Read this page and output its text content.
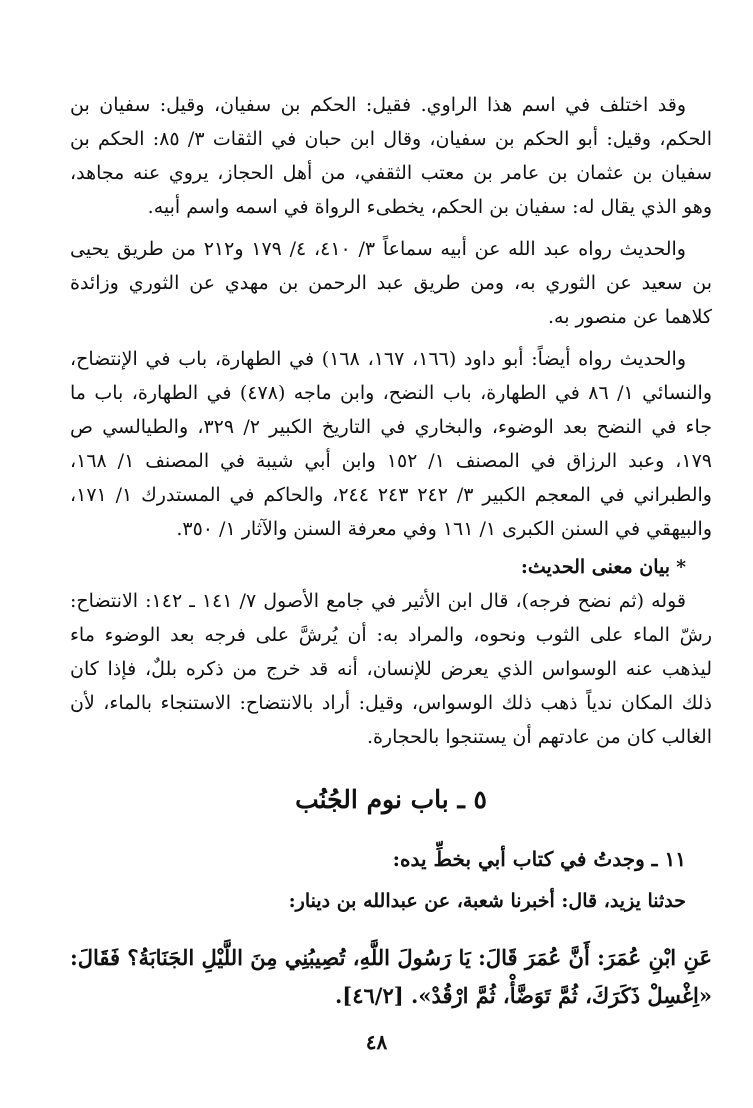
وقد اختلف في اسم هذا الراوي. فقيل: الحكم بن سفيان، وقيل: سفيان بن الحكم، وقيل: أبو الحكم بن سفيان، وقال ابن حبان في الثقات ٣/ ٨٥: الحكم بن سفيان بن عثمان بن عامر بن معتب الثقفي، من أهل الحجاز، يروي عنه مجاهد، وهو الذي يقال له: سفيان بن الحكم، يخطىء الرواة في اسمه واسم أبيه.

والحديث رواه عبد الله عن أبيه سماعاً ٣/ ٤١٠، ٤/ ١٧٩ و٢١٢ من طريق يحيى بن سعيد عن الثوري به، ومن طريق عبد الرحمن بن مهدي عن الثوري وزائدة كلاهما عن منصور به.

والحديث رواه أيضاً: أبو داود (١٦٦، ١٦٧، ١٦٨) في الطهارة، باب في الإنتضاح، والنسائي ١/ ٨٦ في الطهارة، باب النضح، وابن ماجه (٤٧٨) في الطهارة، باب ما جاء في النضح بعد الوضوء، والبخاري في التاريخ الكبير ٢/ ٣٢٩، والطيالسي ص ١٧٩، وعبد الرزاق في المصنف ١/ ١٥٢ وابن أبي شيبة في المصنف ١/ ١٦٨، والطبراني في المعجم الكبير ٣/ ٢٤٢ ٢٤٣ ٢٤٤، والحاكم في المستدرك ١/ ١٧١، والبيهقي في السنن الكبرى ١/ ١٦١ وفي معرفة السنن والآثار ١/ ٣٥٠.

*بيان معنى الحديث:

قوله (ثم نضح فرجه)، قال ابن الأثير في جامع الأصول ٧/ ١٤١ ـ ١٤٢: الانتضاح: رشّ الماء على الثوب ونحوه، والمراد به: أن يُرشَّ على فرجه بعد الوضوء ماء ليذهب عنه الوسواس الذي يعرض للإنسان، أنه قد خرج من ذكره بللٌ، فإذا كان ذلك المكان ندياً ذهب ذلك الوسواس، وقيل: أراد بالانتضاح: الاستنجاء بالماء، لأن الغالب كان من عادتهم أن يستنجوا بالحجارة.

٥ ـ باب نوم الجُنُب

١١ ـ وجدتُ في كتاب أبي بخطِّ يده:

حدثنا يزيد، قال: أخبرنا شعبة، عن عبدالله بن دينار:

عَنِ ابْنِ عُمَرَ: أَنَّ عُمَرَ قَالَ: يَا رَسُولَ اللَّهِ، تُصِيبُنِي مِنَ اللَّيْلِ الجَنَابَةُ؟ فَقَالَ: «اِغْسِلْ ذَكَرَكَ، ثُمَّ تَوَضَّأْ، ثُمَّ ارْقُدْ». [٤٦/٢].

٤٨
